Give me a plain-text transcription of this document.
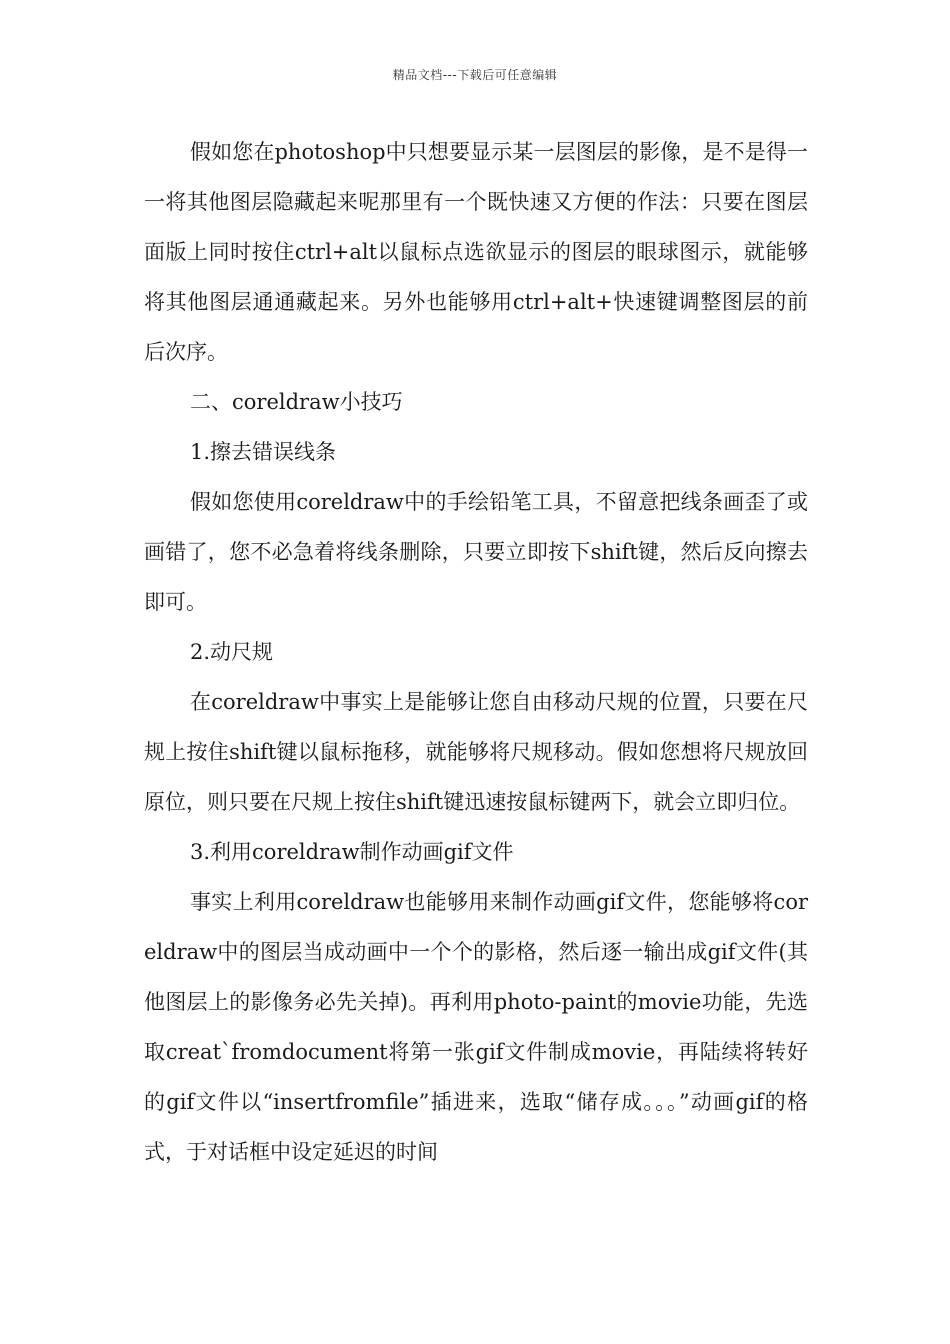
精品文档---下载后可任意编辑

假如您在photoshop中只想要显示某一层图层的影像，是不是得一一将其他图层隐藏起来呢那里有一个既快速又方便的作法：只要在图层面版上同时按住ctrl+alt以鼠标点选欲显示的图层的眼球图示，就能够将其他图层通通藏起来。另外也能够用ctrl+alt+快速键调整图层的前后次序。

二、coreldraw小技巧

1.擦去错误线条

假如您使用coreldraw中的手绘铅笔工具，不留意把线条画歪了或画错了，您不必急着将线条删除，只要立即按下shift键，然后反向擦去即可。

2.动尺规

在coreldraw中事实上是能够让您自由移动尺规的位置，只要在尺规上按住shift键以鼠标拖移，就能够将尺规移动。假如您想将尺规放回原位，则只要在尺规上按住shift键迅速按鼠标键两下，就会立即归位。

3.利用coreldraw制作动画gif文件

事实上利用coreldraw也能够用来制作动画gif文件，您能够将coreldraw中的图层当成动画中一个个的影格，然后逐一输出成gif文件(其他图层上的影像务必先关掉)。再利用photo-paint的movie功能，先选取creat`fromdocument将第一张gif文件制成movie，再陆续将转好的gif文件以“insertfromfile”插进来，选取“储存成。。。”动画gif的格式，于对话框中设定延迟的时间
